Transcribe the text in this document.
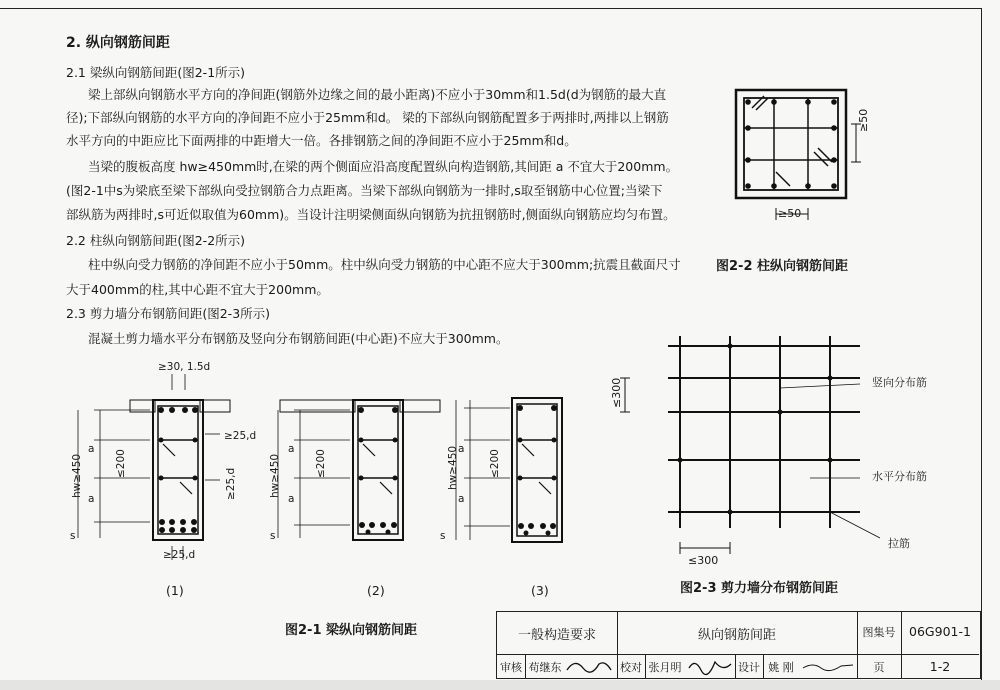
2. 纵向钢筋间距
2.1 梁纵向钢筋间距(图2-1所示)
梁上部纵向钢筋水平方向的净间距(钢筋外边缘之间的最小距离)不应小于30mm和1.5d(d为钢筋的最大直
径);下部纵向钢筋的水平方向的净间距不应小于25mm和d。 梁的下部纵向钢筋配置多于两排时,两排以上钢筋
水平方向的中距应比下面两排的中距增大一倍。各排钢筋之间的净间距不应小于25mm和d。
当梁的腹板高度 hw≥450mm时,在梁的两个侧面应沿高度配置纵向构造钢筋,其间距 a 不宜大于200mm。
(图2-1中s为梁底至梁下部纵向受拉钢筋合力点距离。当梁下部纵向钢筋为一排时,s取至钢筋中心位置;当梁下
部纵筋为两排时,s可近似取值为60mm)。当设计注明梁侧面纵向钢筋为抗扭钢筋时,侧面纵向钢筋应均匀布置。
2.2 柱纵向钢筋间距(图2-2所示)
柱中纵向受力钢筋的净间距不应小于50mm。柱中纵向受力钢筋的中心距不应大于300mm;抗震且截面尺寸
大于400mm的柱,其中心距不宜大于200mm。
2.3 剪力墙分布钢筋间距(图2-3所示)
混凝土剪力墙水平分布钢筋及竖向分布钢筋间距(中心距)不应大于300mm。
≥50
≥50
图2-2 柱纵向钢筋间距
竖向分布筋
水平分布筋
拉筋
≤300
≤300
图2-3 剪力墙分布钢筋间距
≥30, 1.5d
≥25,d
≥25,d
≥25,d
hw≥450
a
a
≤200
s
hw≥450
a
a
≤200
s
hw≥450 a
a
≤200
s
(1)	(2)	(3)
图2-1 梁纵向钢筋间距	一般构造要求	纵向钢筋间距	图集号	06G901-1
审核 苟继东	校对 张月明	设计 姚 刚	页	1-2
